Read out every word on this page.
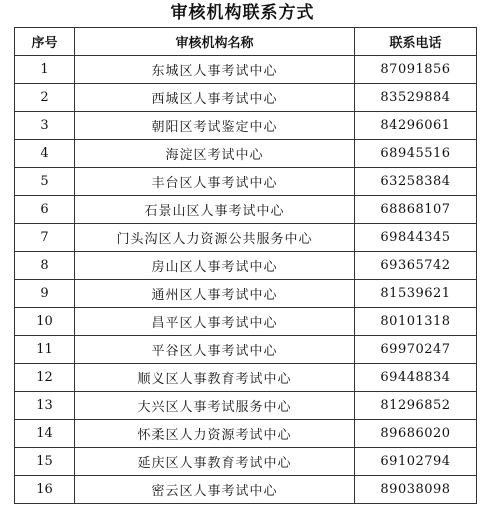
审核机构联系方式
序号	审核机构名称	联系电话
1	东城区人事考试中心	87091856
2	西城区人事考试中心	83529884
3	朝阳区考试鉴定中心	84296061
4	海淀区考试中心	68945516
5	丰台区人事考试中心	63258384
6	石景山区人事考试中心	68868107
7	门头沟区人力资源公共服务中心	69844345
8	房山区人事考试中心	69365742
9	通州区人事考试中心	81539621
10	昌平区人事考试中心	80101318
11	平谷区人事考试中心	69970247
12	顺义区人事教育考试中心	69448834
13	大兴区人事考试服务中心	81296852
14	怀柔区人力资源考试中心	89686020
15	延庆区人事教育考试中心	69102794
16	密云区人事考试中心	89038098
